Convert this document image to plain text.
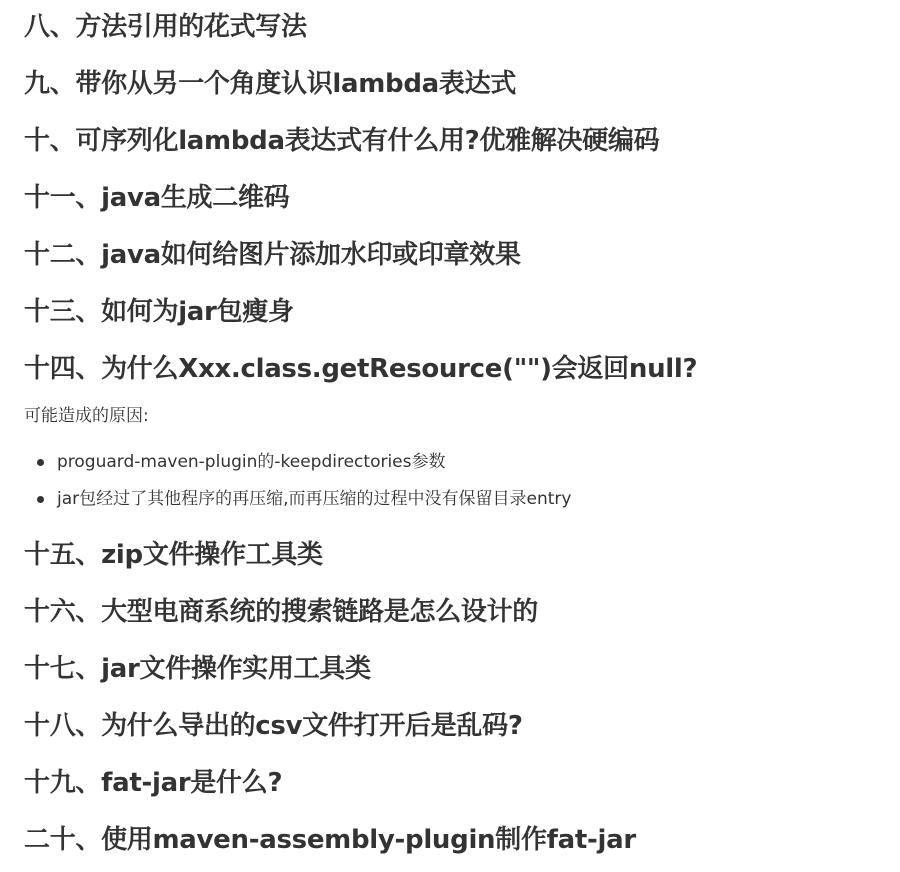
八、方法引用的花式写法
九、带你从另一个角度认识lambda表达式
十、可序列化lambda表达式有什么用?优雅解决硬编码
十一、java生成二维码
十二、java如何给图片添加水印或印章效果
十三、如何为jar包瘦身
十四、为什么Xxx.class.getResource("")会返回null?

可能造成的原因:

proguard-maven-plugin的-keepdirectories参数
jar包经过了其他程序的再压缩,而再压缩的过程中没有保留目录entry
十五、zip文件操作工具类
十六、大型电商系统的搜索链路是怎么设计的
十七、jar文件操作实用工具类
十八、为什么导出的csv文件打开后是乱码?
十九、fat-jar是什么?
二十、使用maven-assembly-plugin制作fat-jar
